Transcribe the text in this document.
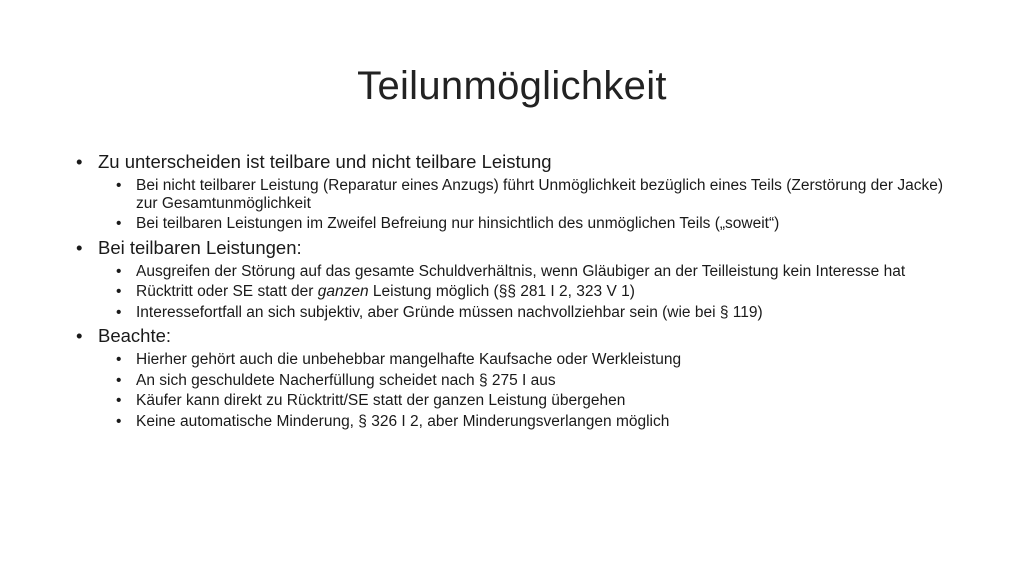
Teilunmöglichkeit
• Zu unterscheiden ist teilbare und nicht teilbare Leistung
• Bei nicht teilbarer Leistung (Reparatur eines Anzugs) führt Unmöglichkeit bezüglich eines Teils (Zerstörung der Jacke) zur Gesamtunmöglichkeit
• Bei teilbaren Leistungen im Zweifel Befreiung nur hinsichtlich des unmöglichen Teils („soweit“)
• Bei teilbaren Leistungen:
• Ausgreifen der Störung auf das gesamte Schuldverhältnis, wenn Gläubiger an der Teilleistung kein Interesse hat
• Rücktritt oder SE statt der ganzen Leistung möglich (§§ 281 I 2, 323 V 1)
• Interessefortfall an sich subjektiv, aber Gründe müssen nachvollziehbar sein (wie bei § 119)
• Beachte:
• Hierher gehört auch die unbehebbar mangelhafte Kaufsache oder Werkleistung
• An sich geschuldete Nacherfüllung scheidet nach § 275 I aus
• Käufer kann direkt zu Rücktritt/SE statt der ganzen Leistung übergehen
• Keine automatische Minderung, § 326 I 2, aber Minderungsverlangen möglich
